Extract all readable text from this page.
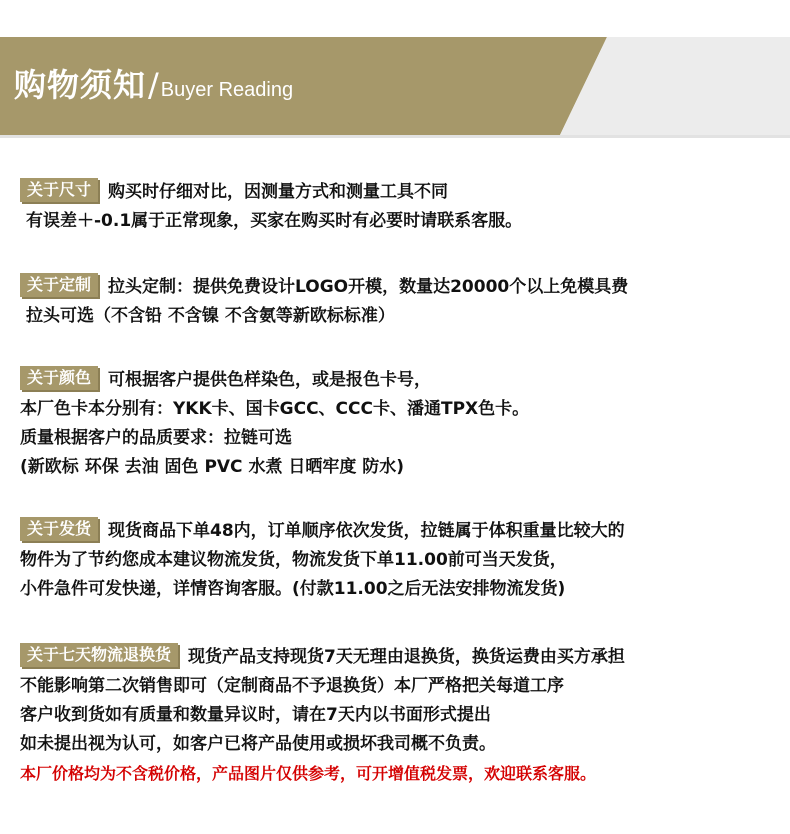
购物须知/ Buyer Reading
关于尺寸 购买时仔细对比，因测量方式和测量工具不同
有误差＋-0.1属于正常现象，买家在购买时有必要时请联系客服。
关于定制 拉头定制：提供免费设计LOGO开模，数量达20000个以上免模具费
拉头可选（不含铅 不含镍 不含氨等新欧标标准）
关于颜色 可根据客户提供色样染色，或是报色卡号，
本厂色卡本分别有：YKK卡、国卡GCC、CCC卡、潘通TPX色卡。
质量根据客户的品质要求：拉链可选
(新欧标 环保 去油 固色 PVC 水煮 日晒牢度 防水)
关于发货 现货商品下单48内，订单顺序依次发货，拉链属于体积重量比较大的
物件为了节约您成本建议物流发货，物流发货下单11.00前可当天发货，
小件急件可发快递，详情咨询客服。(付款11.00之后无法安排物流发货)
关于七天物流退换货 现货产品支持现货7天无理由退换货，换货运费由买方承担
不能影响第二次销售即可（定制商品不予退换货）本厂严格把关每道工序
客户收到货如有质量和数量异议时，请在7天内以书面形式提出
如未提出视为认可，如客户已将产品使用或损坏我司概不负责。
本厂价格均为不含税价格，产品图片仅供参考，可开增值税发票，欢迎联系客服。
